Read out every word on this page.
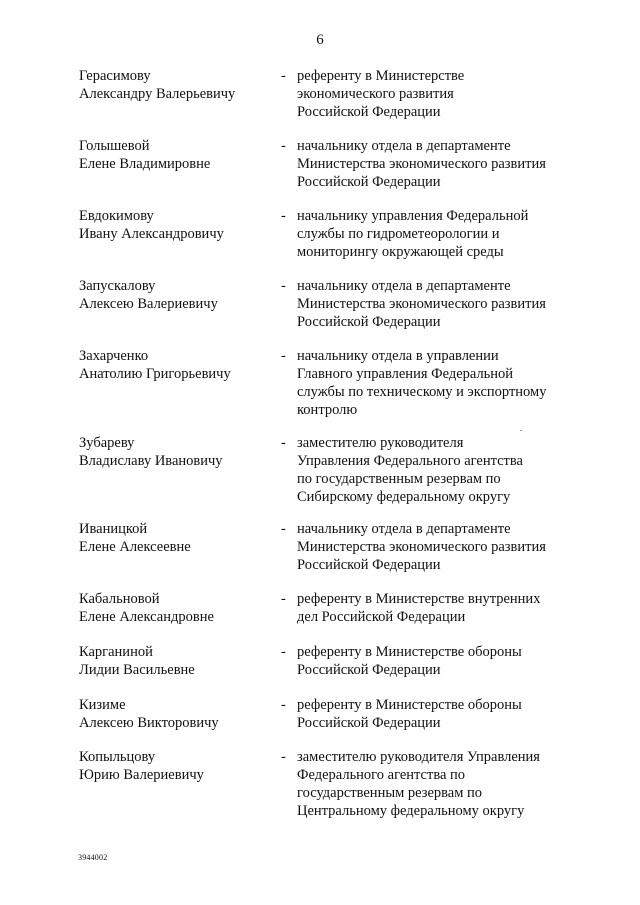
6
Герасимову
Александру Валерьевичу
- референту в Министерстве
экономического развития
Российской Федерации
Голышевой
Елене Владимировне
- начальнику отдела в департаменте
Министерства экономического развития
Российской Федерации
Евдокимову
Ивану Александровичу
- начальнику управления Федеральной
службы по гидрометеорологии и
мониторингу окружающей среды
Запускалову
Алексею Валериевичу
- начальнику отдела в департаменте
Министерства экономического развития
Российской Федерации
Захарченко
Анатолию Григорьевичу
- начальнику отдела в управлении
Главного управления Федеральной
службы по техническому и экспортному
контролю
Зубареву
Владиславу Ивановичу
- заместителю руководителя
Управления Федерального агентства
по государственным резервам по
Сибирскому федеральному округу
Иваницкой
Елене Алексеевне
- начальнику отдела в департаменте
Министерства экономического развития
Российской Федерации
Кабальновой
Елене Александровне
- референту в Министерстве внутренних
дел Российской Федерации
Карганиной
Лидии Васильевне
- референту в Министерстве обороны
Российской Федерации
Кизиме
Алексею Викторовичу
- референту в Министерстве обороны
Российской Федерации
Копыльцову
Юрию Валериевичу
- заместителю руководителя Управления
Федерального агентства по
государственным резервам по
Центральному федеральному округу
3944002
